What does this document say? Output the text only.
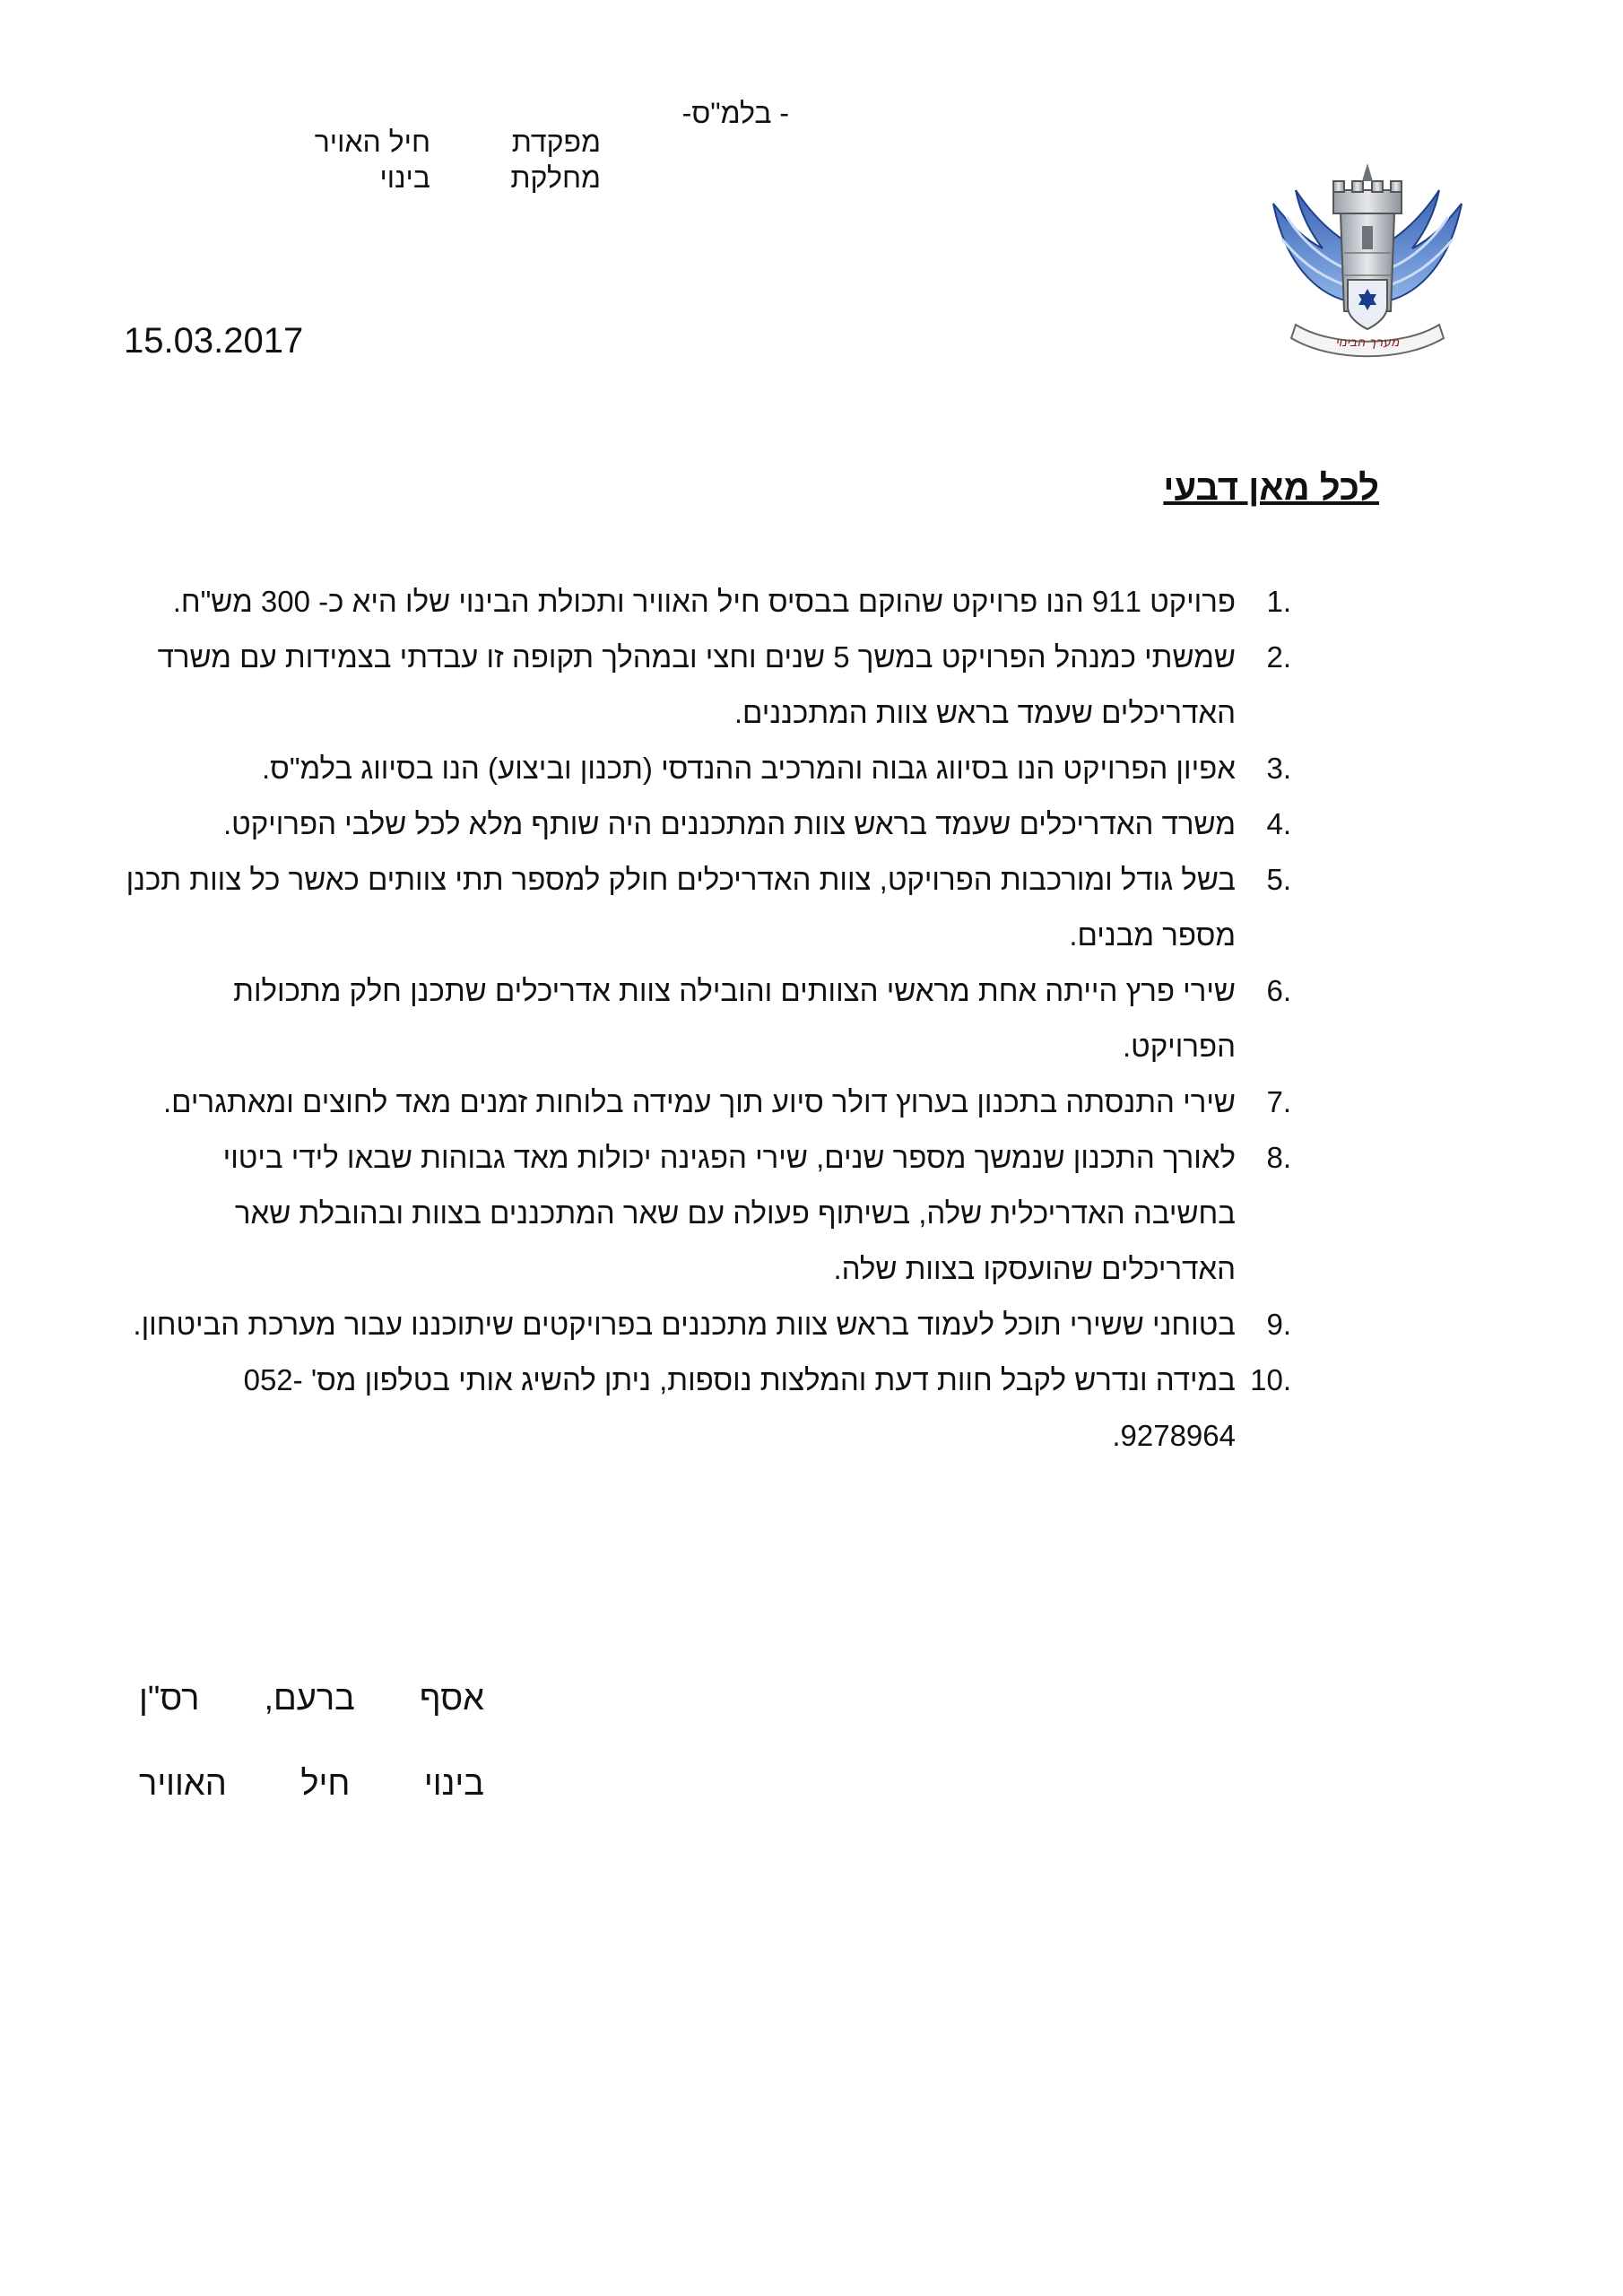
- בלמ"ס-
מפקדת
מחלקת
חיל האויר
בינוי
מערך הבינוי
15.03.2017
לכל מאן דבעי
1.
פרויקט 911 הנו פרויקט שהוקם בבסיס חיל האוויר ותכולת הבינוי שלו היא כ- 300 מש"ח.
2.
שמשתי כמנהל הפרויקט במשך 5 שנים וחצי ובמהלך תקופה זו עבדתי בצמידות עם משרד האדריכלים שעמד בראש צוות המתכננים.
3.
אפיון הפרויקט הנו בסיווג גבוה והמרכיב ההנדסי (תכנון וביצוע) הנו בסיווג בלמ"ס.
4.
משרד האדריכלים שעמד בראש צוות המתכננים היה שותף מלא לכל שלבי הפרויקט.
5.
בשל גודל ומורכבות הפרויקט, צוות האדריכלים חולק למספר תתי צוותים כאשר כל צוות תכנן מספר מבנים.
6.
שירי פרץ הייתה אחת מראשי הצוותים והובילה צוות אדריכלים שתכנן חלק מתכולות הפרויקט.
7.
שירי התנסתה בתכנון בערוץ דולר סיוע תוך עמידה בלוחות זמנים מאד לחוצים ומאתגרים.
8.
לאורך התכנון שנמשך מספר שנים, שירי הפגינה יכולות מאד גבוהות שבאו לידי ביטוי בחשיבה האדריכלית שלה, בשיתוף פעולה עם שאר המתכננים בצוות ובהובלת שאר האדריכלים שהועסקו בצוות שלה.
9.
בטוחני ששירי תוכל לעמוד בראש צוות מתכננים בפרויקטים שיתוכננו עבור מערכת הביטחון.
10.
במידה ונדרש לקבל חוות דעת והמלצות נוספות, ניתן להשיג אותי בטלפון מס' 052-9278964.
אסף
ברעם,
רס"ן
בינוי
חיל
האוויר
